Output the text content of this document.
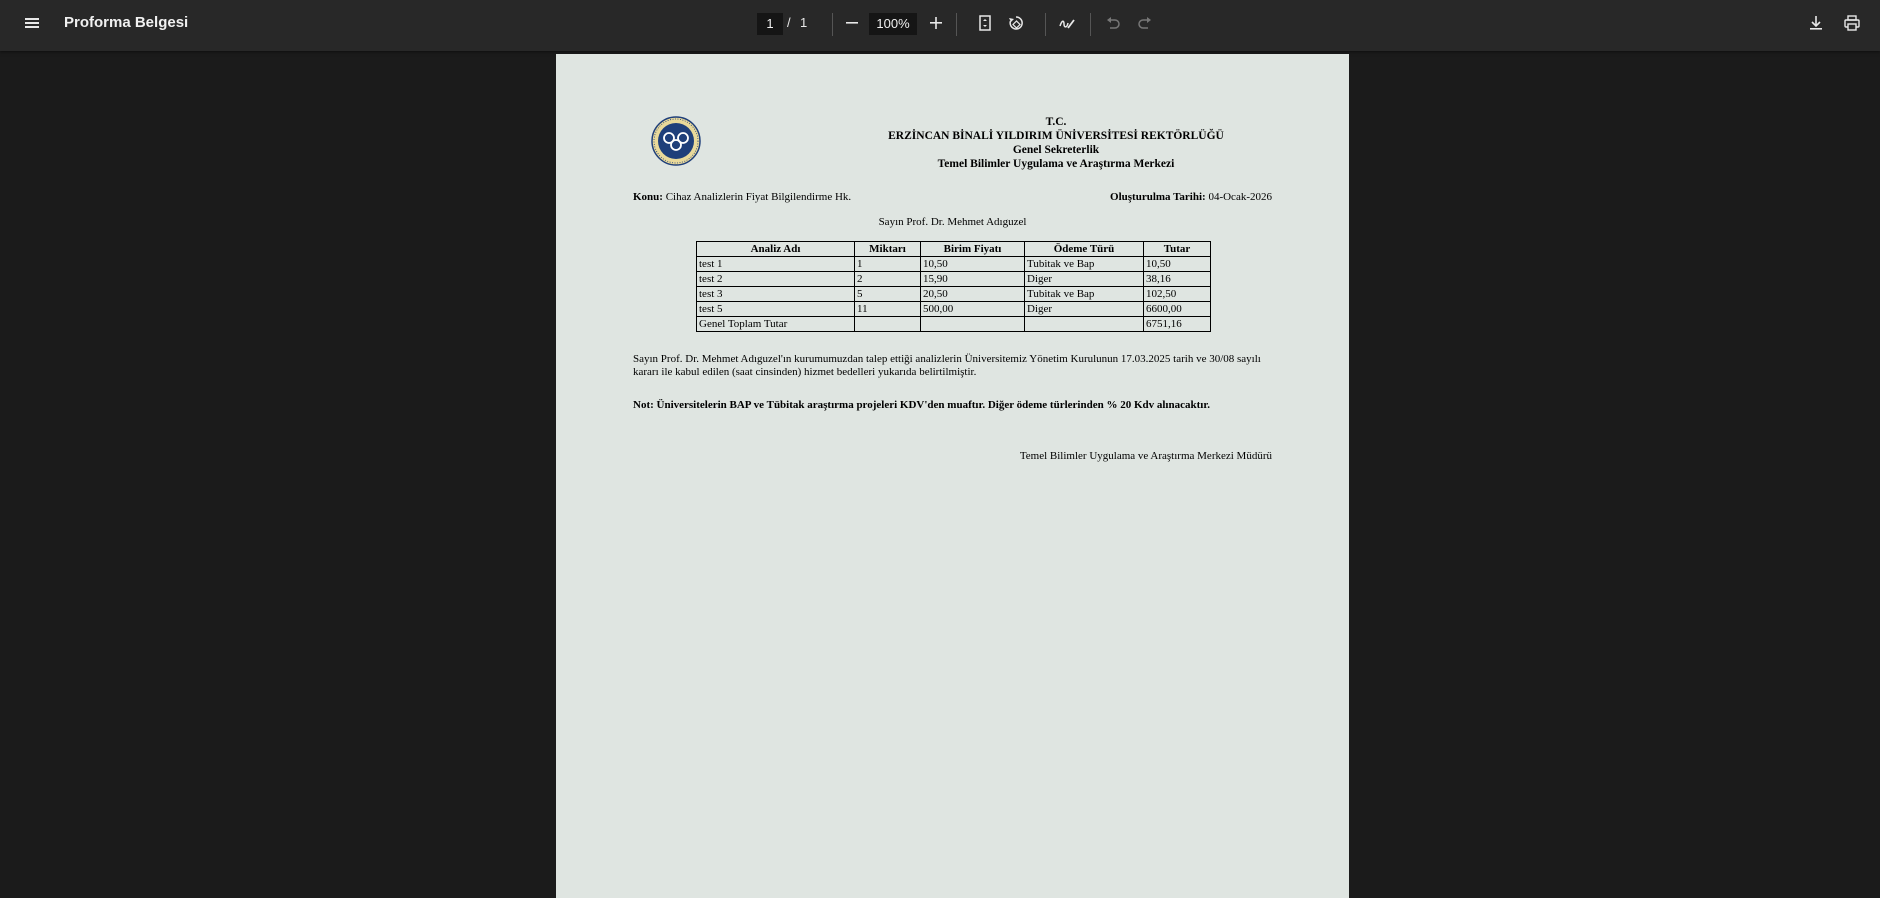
Proforma Belgesi	1	/ 1	100%
T.C.
ERZİNCAN BİNALİ YILDIRIM ÜNİVERSİTESİ REKTÖRLÜĞÜ
Genel Sekreterlik
Temel Bilimler Uygulama ve Araştırma Merkezi
Konu: Cihaz Analizlerin Fiyat Bilgilendirme Hk.	Oluşturulma Tarihi: 04-Ocak-2026
Sayın Prof. Dr. Mehmet Adıguzel
Analiz Adı	Miktarı	Birim Fiyatı	Ödeme Türü	Tutar
test 1	1	10,50	Tubitak ve Bap	10,50
test 2	2	15,90	Diger	38,16
test 3	5	20,50	Tubitak ve Bap	102,50
test 5	11	500,00	Diger	6600,00
Genel Toplam Tutar				6751,16
Sayın Prof. Dr. Mehmet Adıguzel'ın kurumumuzdan talep ettiği analizlerin Üniversitemiz Yönetim Kurulunun 17.03.2025 tarih ve 30/08 sayılı kararı ile kabul edilen (saat cinsinden) hizmet bedelleri yukarıda belirtilmiştir.
Not: Üniversitelerin BAP ve Tübitak araştırma projeleri KDV'den muaftır. Diğer ödeme türlerinden % 20 Kdv alınacaktır.
Temel Bilimler Uygulama ve Araştırma Merkezi Müdürü
